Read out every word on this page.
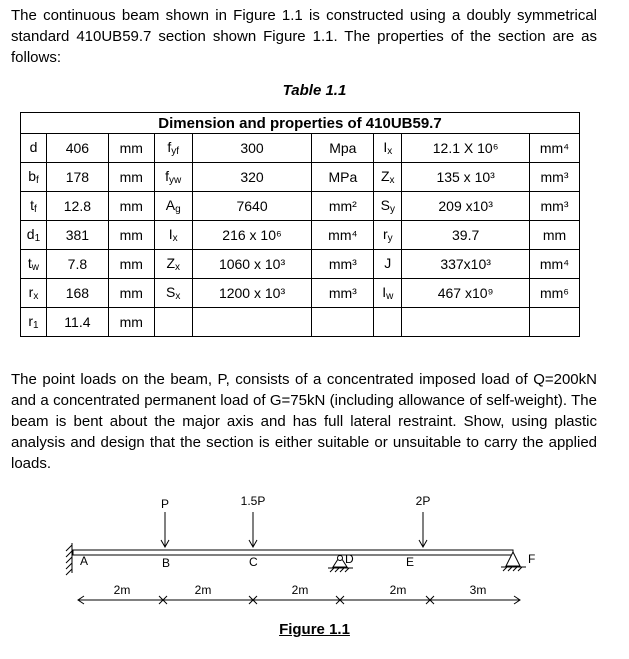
The continuous beam shown in Figure 1.1 is constructed using a doubly symmetrical standard 410UB59.7 section shown Figure 1.1. The properties of the section are as follows:

Table 1.1
Dimension and properties of 410UB59.7								
d	406	mm	$f_{yf}$	300	Mpa	$I_x$	12.1 X 10⁶	mm⁴
$b_f$	178	mm	$f_{yw}$	320	MPa	$Z_x$	135 x 10³	mm³
$t_f$	12.8	mm	$A_g$	7640	mm²	$S_y$	209 x10³	mm³
$d_1$	381	mm	$I_x$	216 x 10⁶	mm⁴	$r_y$	39.7	mm
$t_w$	7.8	mm	$Z_x$	1060 x 10³	mm³	J	337x10³	mm⁴
$r_x$	168	mm	$S_x$	1200 x 10³	mm³	$I_w$	467 x10⁹	mm⁶
$r_1$	11.4	mm						

The point loads on the beam, P, consists of a concentrated imposed load of Q=200kN and a concentrated permanent load of G=75kN (including allowance of self-weight). The beam is bent about the major axis and has full lateral restraint. Show, using plastic analysis and design that the section is either suitable or unsuitable to carry the applied loads.

P	1.5P	2P
A	B	C	D	E	F
2m	2m	2m	2m	3m
Figure 1.1
